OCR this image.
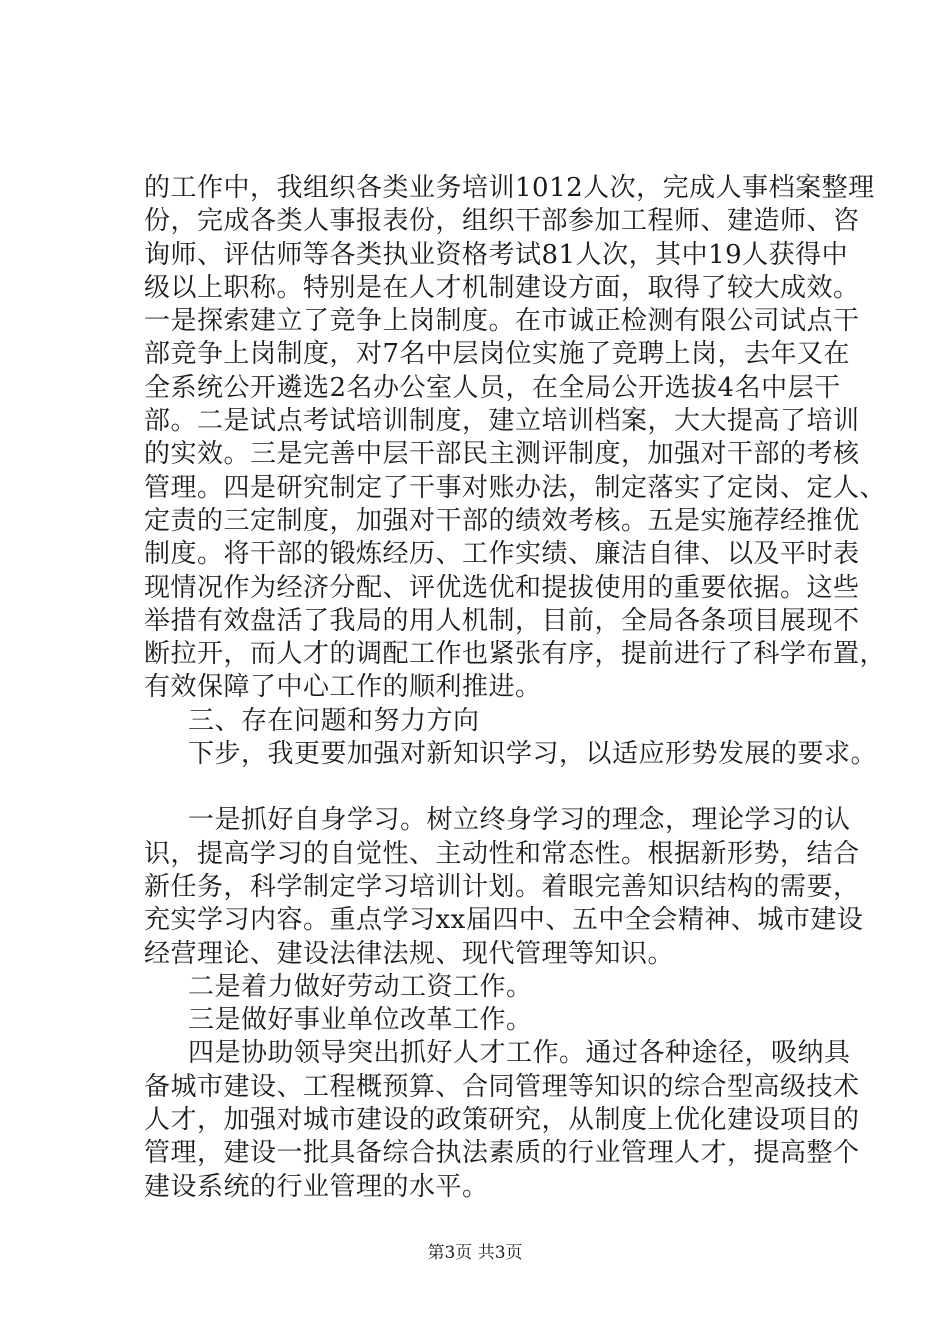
的工作中，我组织各类业务培训1012人次，完成人事档案整理
份，完成各类人事报表份，组织干部参加工程师、建造师、咨
询师、评估师等各类执业资格考试81人次，其中19人获得中
级以上职称。特别是在人才机制建设方面，取得了较大成效。
一是探索建立了竞争上岗制度。在市诚正检测有限公司试点干
部竞争上岗制度，对7名中层岗位实施了竞聘上岗，去年又在
全系统公开遴选2名办公室人员，在全局公开选拔4名中层干
部。二是试点考试培训制度，建立培训档案，大大提高了培训
的实效。三是完善中层干部民主测评制度，加强对干部的考核
管理。四是研究制定了干事对账办法，制定落实了定岗、定人、
定责的三定制度，加强对干部的绩效考核。五是实施荐经推优
制度。将干部的锻炼经历、工作实绩、廉洁自律、以及平时表
现情况作为经济分配、评优选优和提拔使用的重要依据。这些
举措有效盘活了我局的用人机制，目前，全局各条项目展现不
断拉开，而人才的调配工作也紧张有序，提前进行了科学布置，
有效保障了中心工作的顺利推进。
三、存在问题和努力方向
下步，我更要加强对新知识学习，以适应形势发展的要求。
一是抓好自身学习。树立终身学习的理念，理论学习的认
识，提高学习的自觉性、主动性和常态性。根据新形势，结合
新任务，科学制定学习培训计划。着眼完善知识结构的需要，
充实学习内容。重点学习xx届四中、五中全会精神、城市建设
经营理论、建设法律法规、现代管理等知识。
二是着力做好劳动工资工作。
三是做好事业单位改革工作。
四是协助领导突出抓好人才工作。通过各种途径，吸纳具
备城市建设、工程概预算、合同管理等知识的综合型高级技术
人才，加强对城市建设的政策研究，从制度上优化建设项目的
管理，建设一批具备综合执法素质的行业管理人才，提高整个
建设系统的行业管理的水平。
第3页 共3页
